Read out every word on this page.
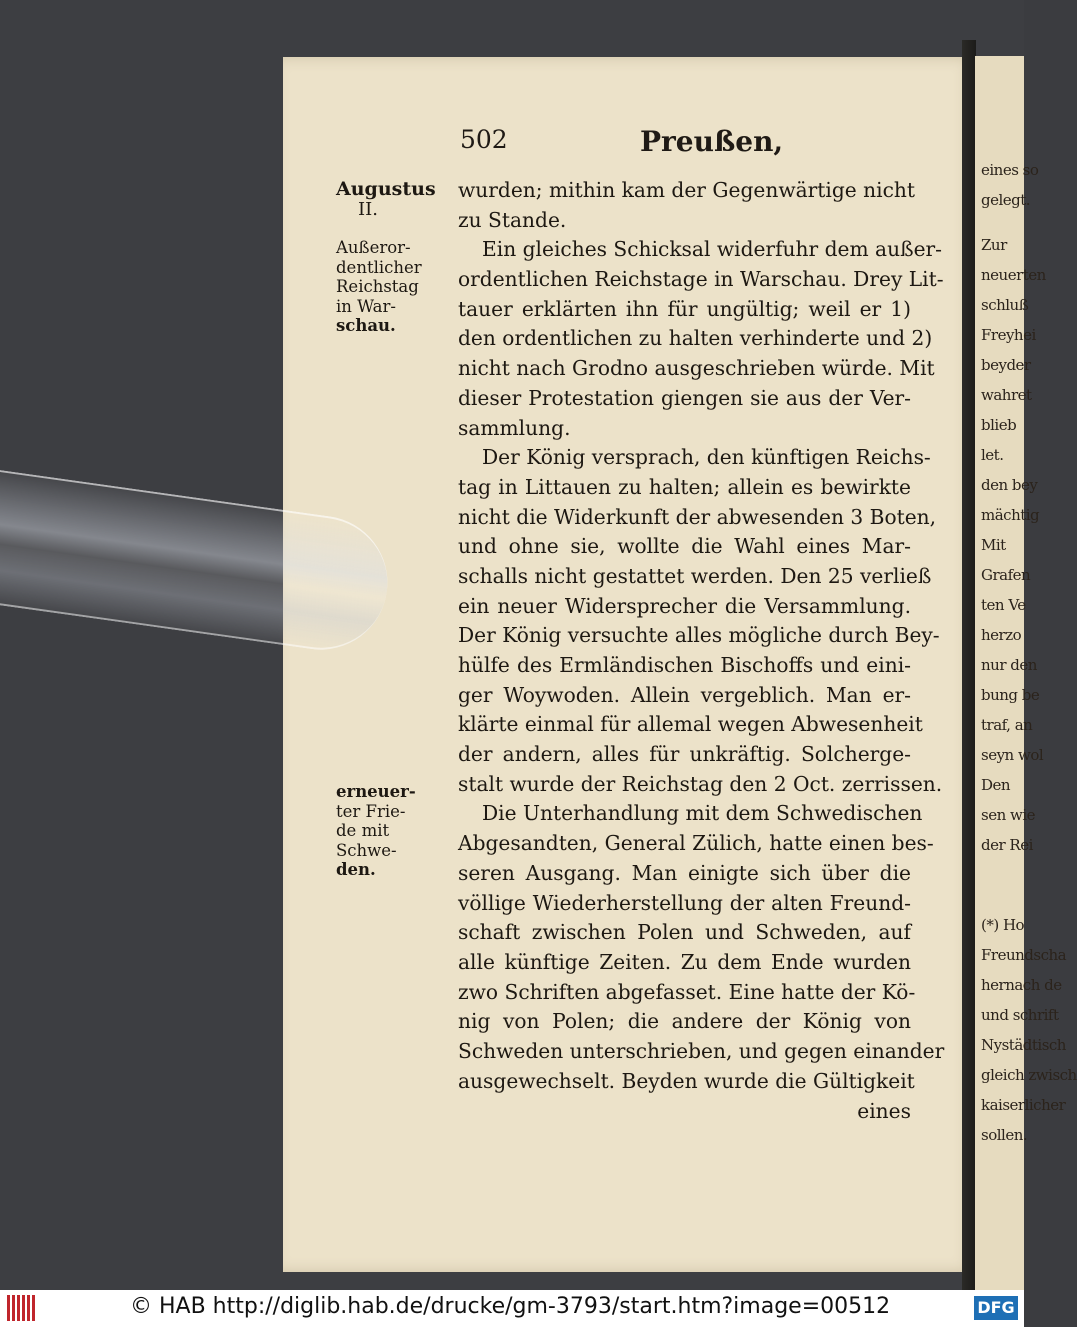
eines so
gelegt.
Zur
neuerten
schluß
Freyhei
beyder
wahret
blieb
let.
den bey
mächtig
Mit
Grafen
ten Ve
herzo
nur den
bung be
traf, an
seyn wol
Den
sen wie
der Rei
(*) Ho
Freundscha
hernach de
und schrift
Nystädtisch
gleich zwisch
kaiserlicher
sollen.
502	Preußen,
Augustus
II.
Außeror-
dentlicher
Reichstag
in War-
schau.
erneuer-
ter Frie-
de mit
Schwe-
den.
wurden; mithin kam der Gegenwärtige nicht
zu Stande.
Ein gleiches Schicksal widerfuhr dem außer-
ordentlichen Reichstage in Warschau. Drey Lit-
tauer erklärten ihn für ungültig; weil er 1)
den ordentlichen zu halten verhinderte und 2)
nicht nach Grodno ausgeschrieben würde. Mit
dieser Protestation giengen sie aus der Ver-
sammlung.
Der König versprach, den künftigen Reichs-
tag in Littauen zu halten; allein es bewirkte
nicht die Widerkunft der abwesenden 3 Boten,
und ohne sie, wollte die Wahl eines Mar-
schalls nicht gestattet werden. Den 25 verließ
ein neuer Widersprecher die Versammlung.
Der König versuchte alles mögliche durch Bey-
hülfe des Ermländischen Bischoffs und eini-
ger Woywoden. Allein vergeblich. Man er-
klärte einmal für allemal wegen Abwesenheit
der andern, alles für unkräftig. Solcherge-
stalt wurde der Reichstag den 2 Oct. zerrissen.
Die Unterhandlung mit dem Schwedischen
Abgesandten, General Zülich, hatte einen bes-
seren Ausgang. Man einigte sich über die
völlige Wiederherstellung der alten Freund-
schaft zwischen Polen und Schweden, auf
alle künftige Zeiten. Zu dem Ende wurden
zwo Schriften abgefasset. Eine hatte der Kö-
nig von Polen; die andere der König von
Schweden unterschrieben, und gegen einander
ausgewechselt. Beyden wurde die Gültigkeit
eines
© HAB http://diglib.hab.de/drucke/gm-3793/start.htm?image=00512	DFG
